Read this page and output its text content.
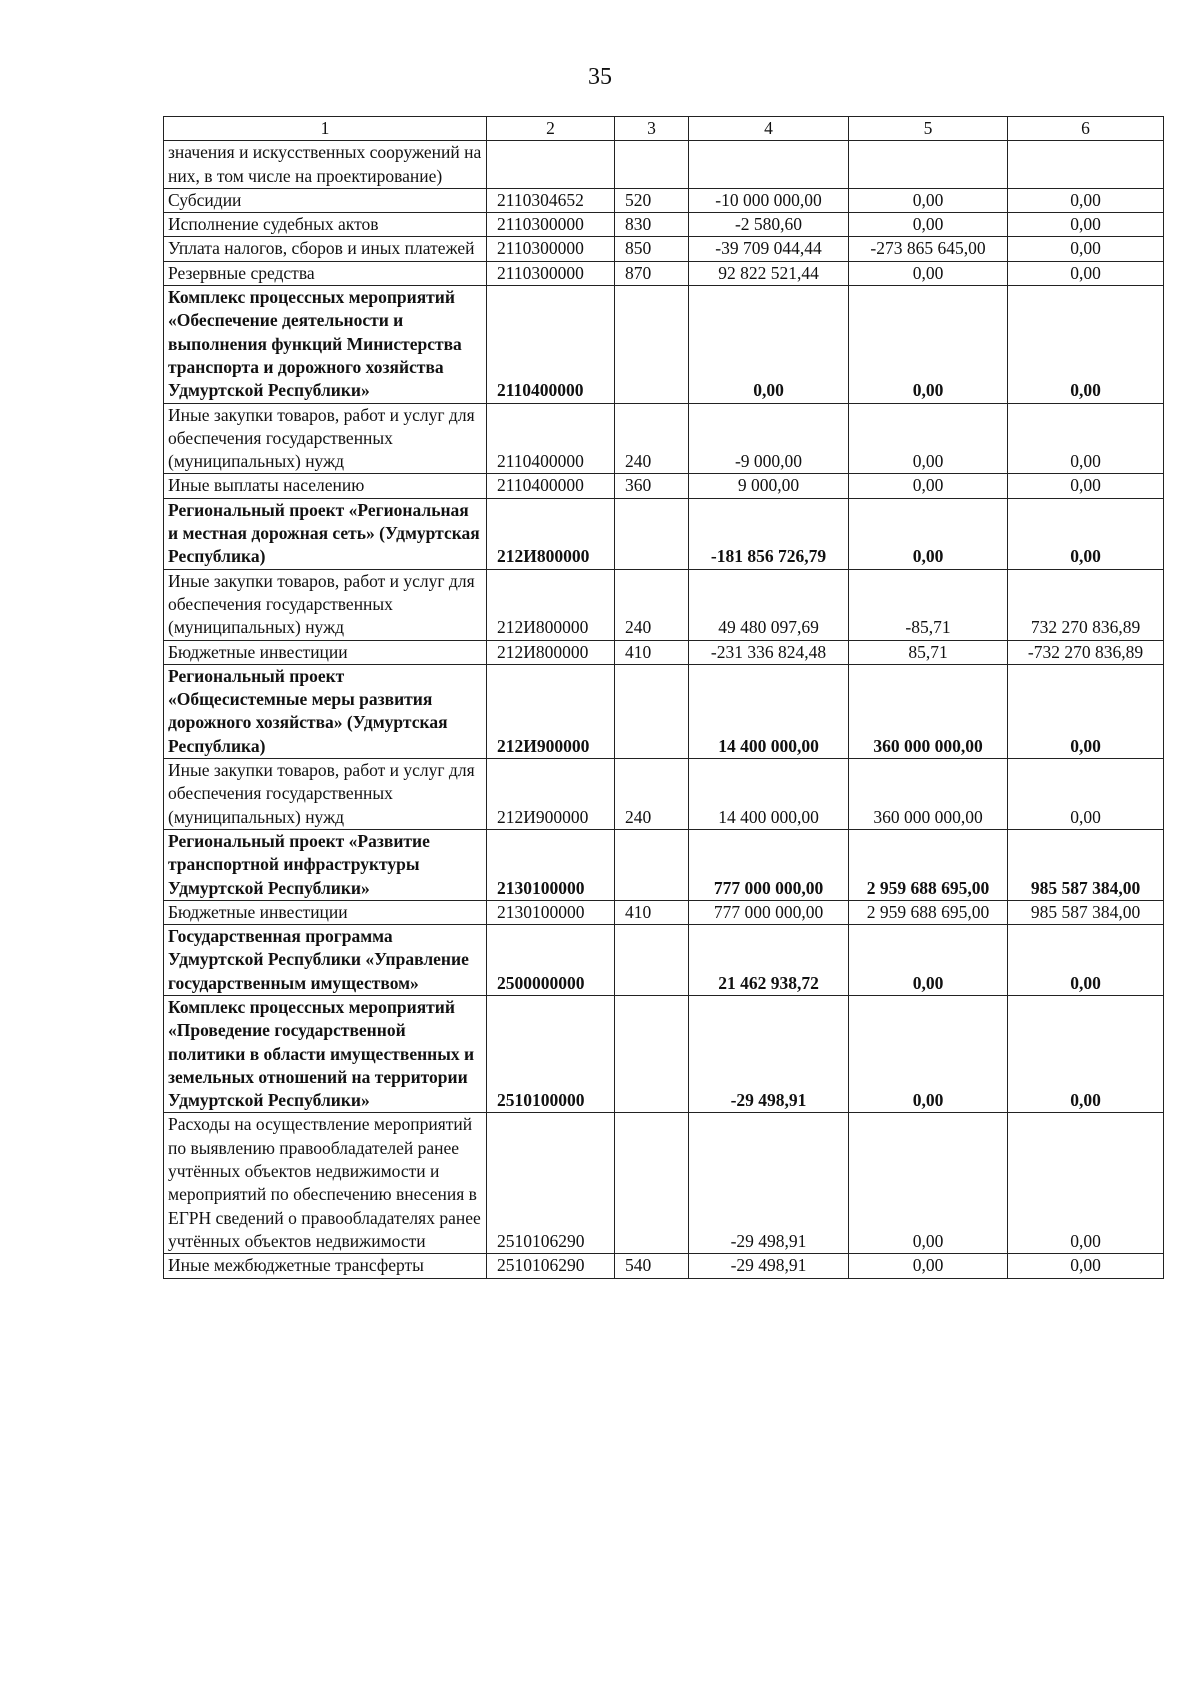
35
1	2	3	4	5	6
значения и искусственных сооружений на них, в том числе на проектирование)					
Субсидии	2110304652	520	-10 000 000,00	0,00	0,00
Исполнение судебных актов	2110300000	830	-2 580,60	0,00	0,00
Уплата налогов, сборов и иных платежей	2110300000	850	-39 709 044,44	-273 865 645,00	0,00
Резервные средства	2110300000	870	92 822 521,44	0,00	0,00
Комплекс процессных мероприятий «Обеспечение деятельности и выполнения функций Министерства транспорта и дорожного хозяйства Удмуртской Республики»	2110400000		0,00	0,00	0,00
Иные закупки товаров, работ и услуг для обеспечения государственных (муниципальных) нужд	2110400000	240	-9 000,00	0,00	0,00
Иные выплаты населению	2110400000	360	9 000,00	0,00	0,00
Региональный проект «Региональная и местная дорожная сеть» (Удмуртская Республика)	212И800000		-181 856 726,79	0,00	0,00
Иные закупки товаров, работ и услуг для обеспечения государственных (муниципальных) нужд	212И800000	240	49 480 097,69	-85,71	732 270 836,89
Бюджетные инвестиции	212И800000	410	-231 336 824,48	85,71	-732 270 836,89
Региональный проект «Общесистемные меры развития дорожного хозяйства» (Удмуртская Республика)	212И900000		14 400 000,00	360 000 000,00	0,00
Иные закупки товаров, работ и услуг для обеспечения государственных (муниципальных) нужд	212И900000	240	14 400 000,00	360 000 000,00	0,00
Региональный проект «Развитие транспортной инфраструктуры Удмуртской Республики»	2130100000		777 000 000,00	2 959 688 695,00	985 587 384,00
Бюджетные инвестиции	2130100000	410	777 000 000,00	2 959 688 695,00	985 587 384,00
Государственная программа Удмуртской Республики «Управление государственным имуществом»	2500000000		21 462 938,72	0,00	0,00
Комплекс процессных мероприятий «Проведение государственной политики в области имущественных и земельных отношений на территории Удмуртской Республики»	2510100000		-29 498,91	0,00	0,00
Расходы на осуществление мероприятий по выявлению правообладателей ранее учтённых объектов недвижимости и мероприятий по обеспечению внесения в ЕГРН сведений о правообладателях ранее учтённых объектов недвижимости	2510106290		-29 498,91	0,00	0,00
Иные межбюджетные трансферты	2510106290	540	-29 498,91	0,00	0,00
